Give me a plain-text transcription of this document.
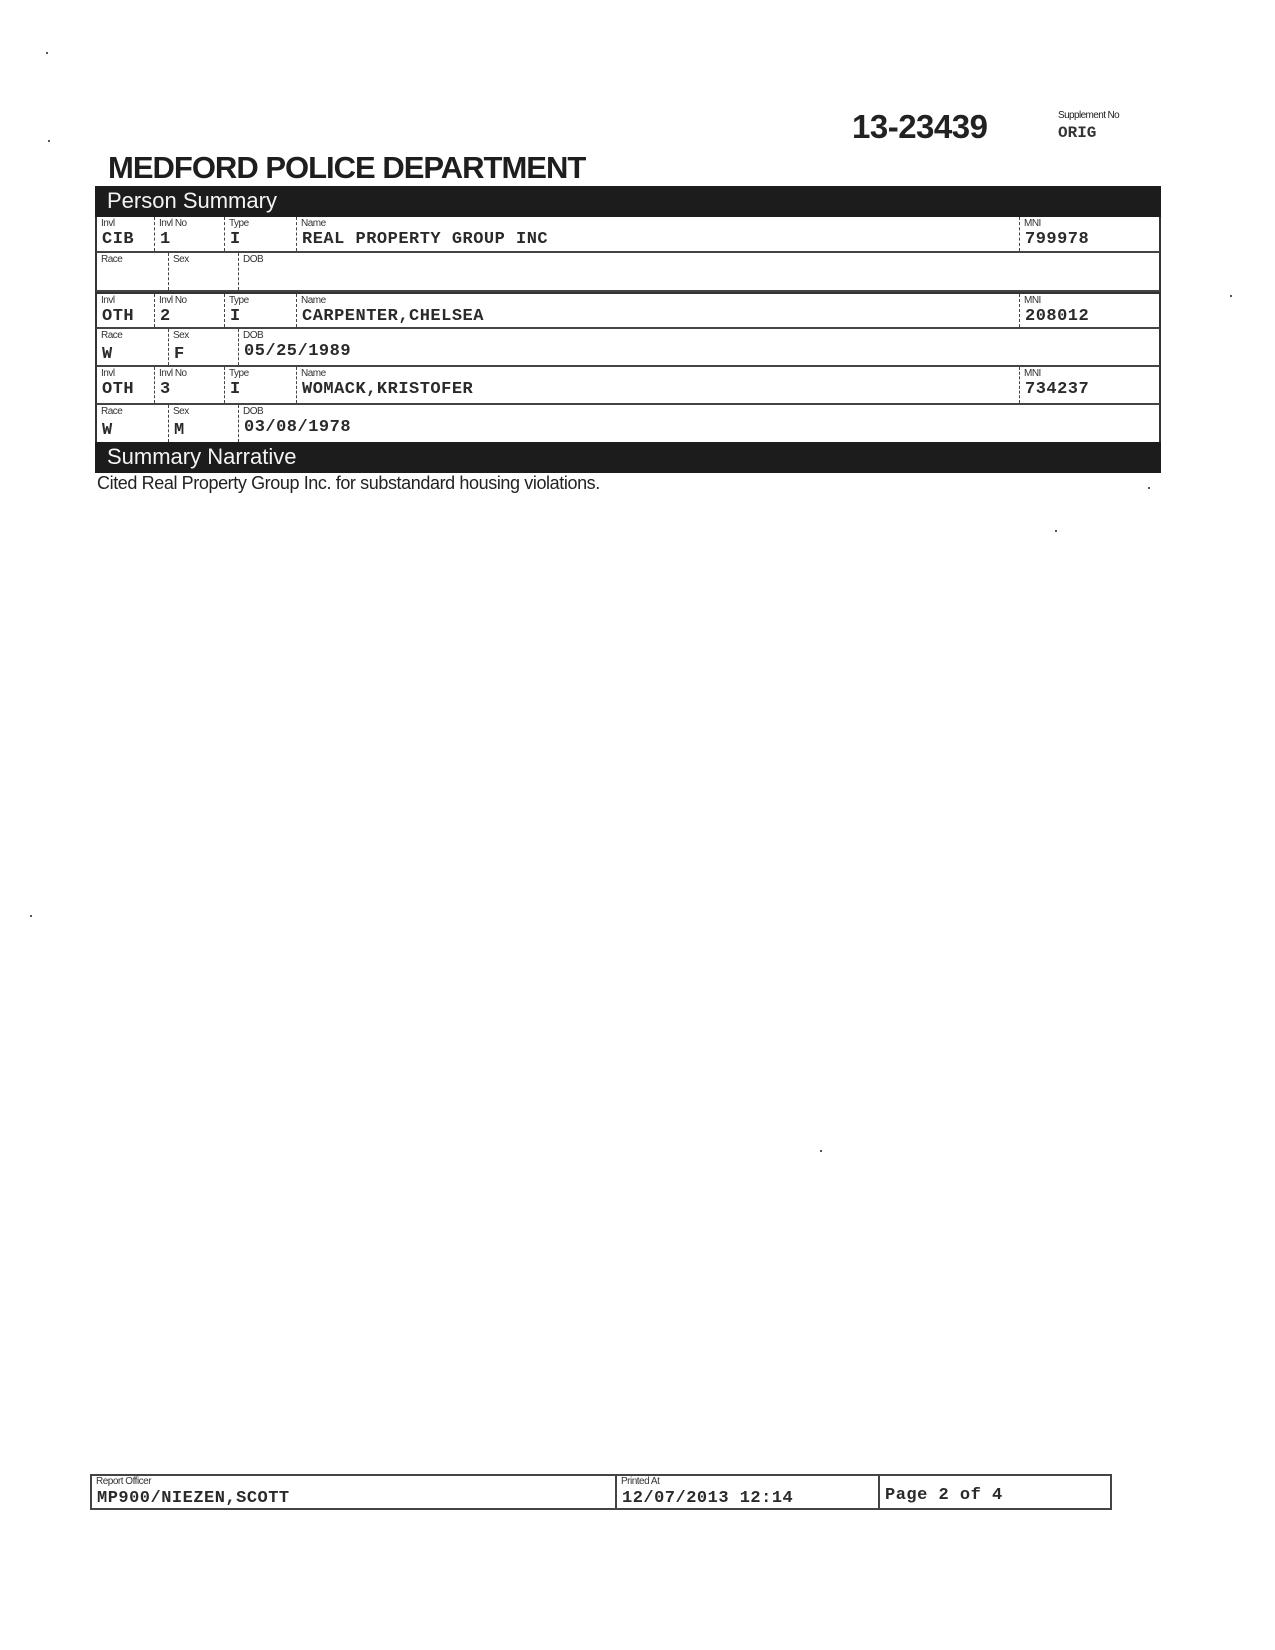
13-23439	Supplement No
ORIG
MEDFORD POLICE DEPARTMENT
Person Summary
Invl
CIB
Invl No
1
Type
I
Name
REAL PROPERTY GROUP INC
MNI
799978
Race	Sex	DOB
Invl
OTH
Invl No
2
Type
I
Name
CARPENTER,CHELSEA
MNI
208012
Race
W
Sex
F
DOB
05/25/1989
Invl
OTH
Invl No
3
Type
I
Name
WOMACK,KRISTOFER
MNI
734237
Race
W
Sex
M
DOB
03/08/1978
Summary Narrative
Cited Real Property Group Inc. for substandard housing violations.
Report Officer
MP900/NIEZEN,SCOTT
Printed At
12/07/2013 12:14	Page 2 of 4
